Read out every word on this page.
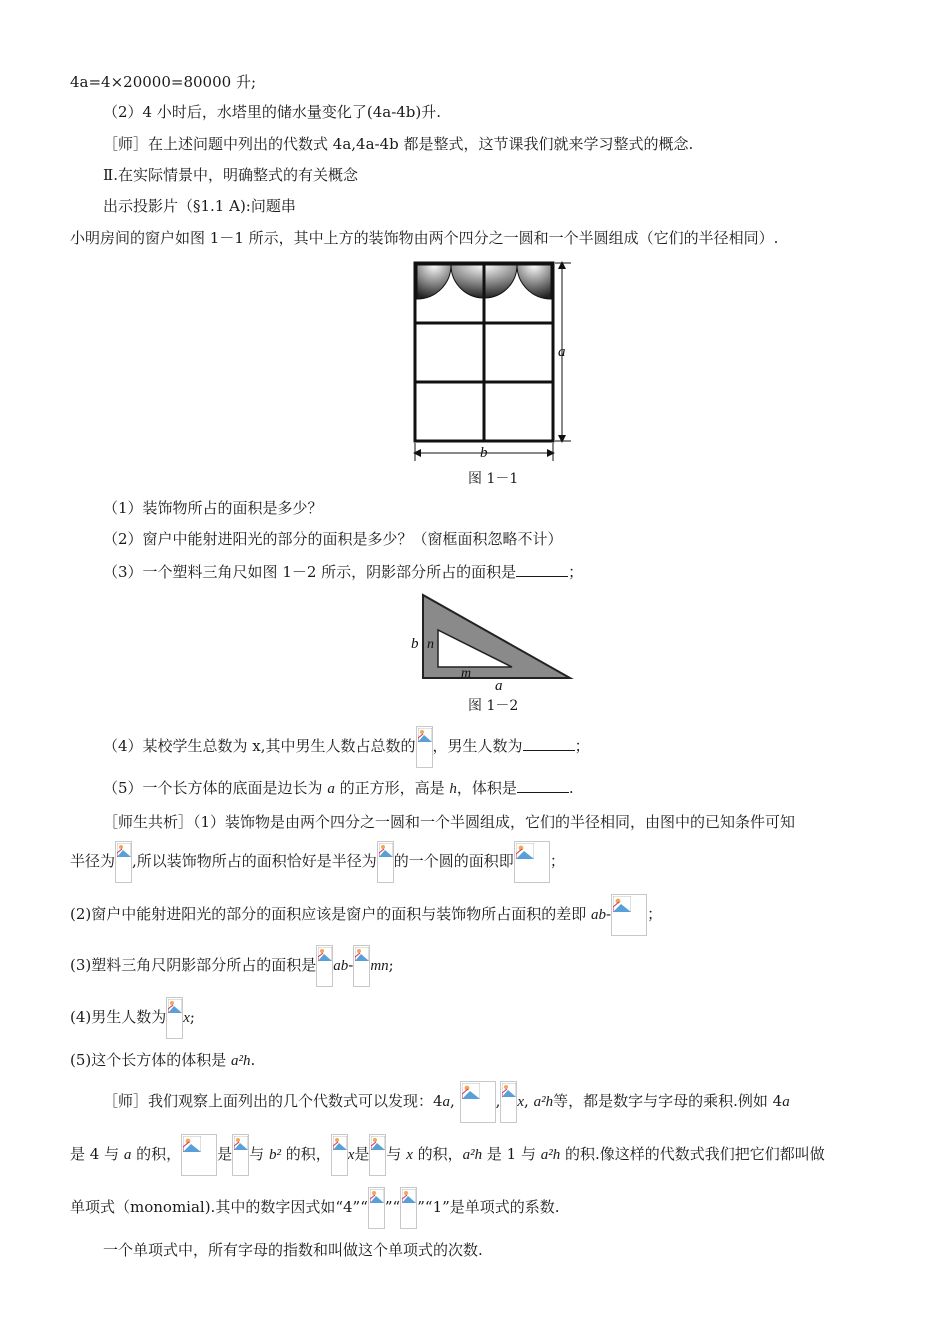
4a=4×20000=80000 升;
（2）4 小时后，水塔里的储水量变化了(4a-4b)升.
［师］在上述问题中列出的代数式 4a,4a-4b 都是整式，这节课我们就来学习整式的概念.
Ⅱ.在实际情景中，明确整式的有关概念
出示投影片（§1.1 A):问题串
小明房间的窗户如图 1－1 所示，其中上方的装饰物由两个四分之一圆和一个半圆组成（它们的半径相同）.
a
b
图 1－1
（1）装饰物所占的面积是多少？
（2）窗户中能射进阳光的部分的面积是多少？（窗框面积忽略不计）
（3）一个塑料三角尺如图 1－2 所示，阴影部分所占的面积是	；
b n
m
a
图 1－2
（4）某校学生总数为 x,其中男生人数占总数的 ，男生人数为	；
（5）一个长方体的底面是边长为 a 的正方形，高是 h，体积是	.
［师生共析］（1）装饰物是由两个四分之一圆和一个半圆组成，它们的半径相同，由图中的已知条件可知
半径为 ,所以装饰物所占的面积恰好是半径为 的一个圆的面积即 ；
(2)窗户中能射进阳光的部分的面积应该是窗户的面积与装饰物所占面积的差即 ab- ；
(3)塑料三角尺阴影部分所占的面积是 ab- mn;
(4)男生人数为 x;
(5)这个长方体的体积是 a²h.
［师］我们观察上面列出的几个代数式可以发现：4a,
, x, a²h等，都是数字与字母的乘积.例如 4a
是 4 与 a 的积， 是 与 b² 的积， x是 与 x 的积，a²h 是 1 与 a²h 的积.像这样的代数式我们把它们都叫做
单项式（monomial).其中的数字因式如“4”“ ”“ ”“1”是单项式的系数.
一个单项式中，所有字母的指数和叫做这个单项式的次数.
